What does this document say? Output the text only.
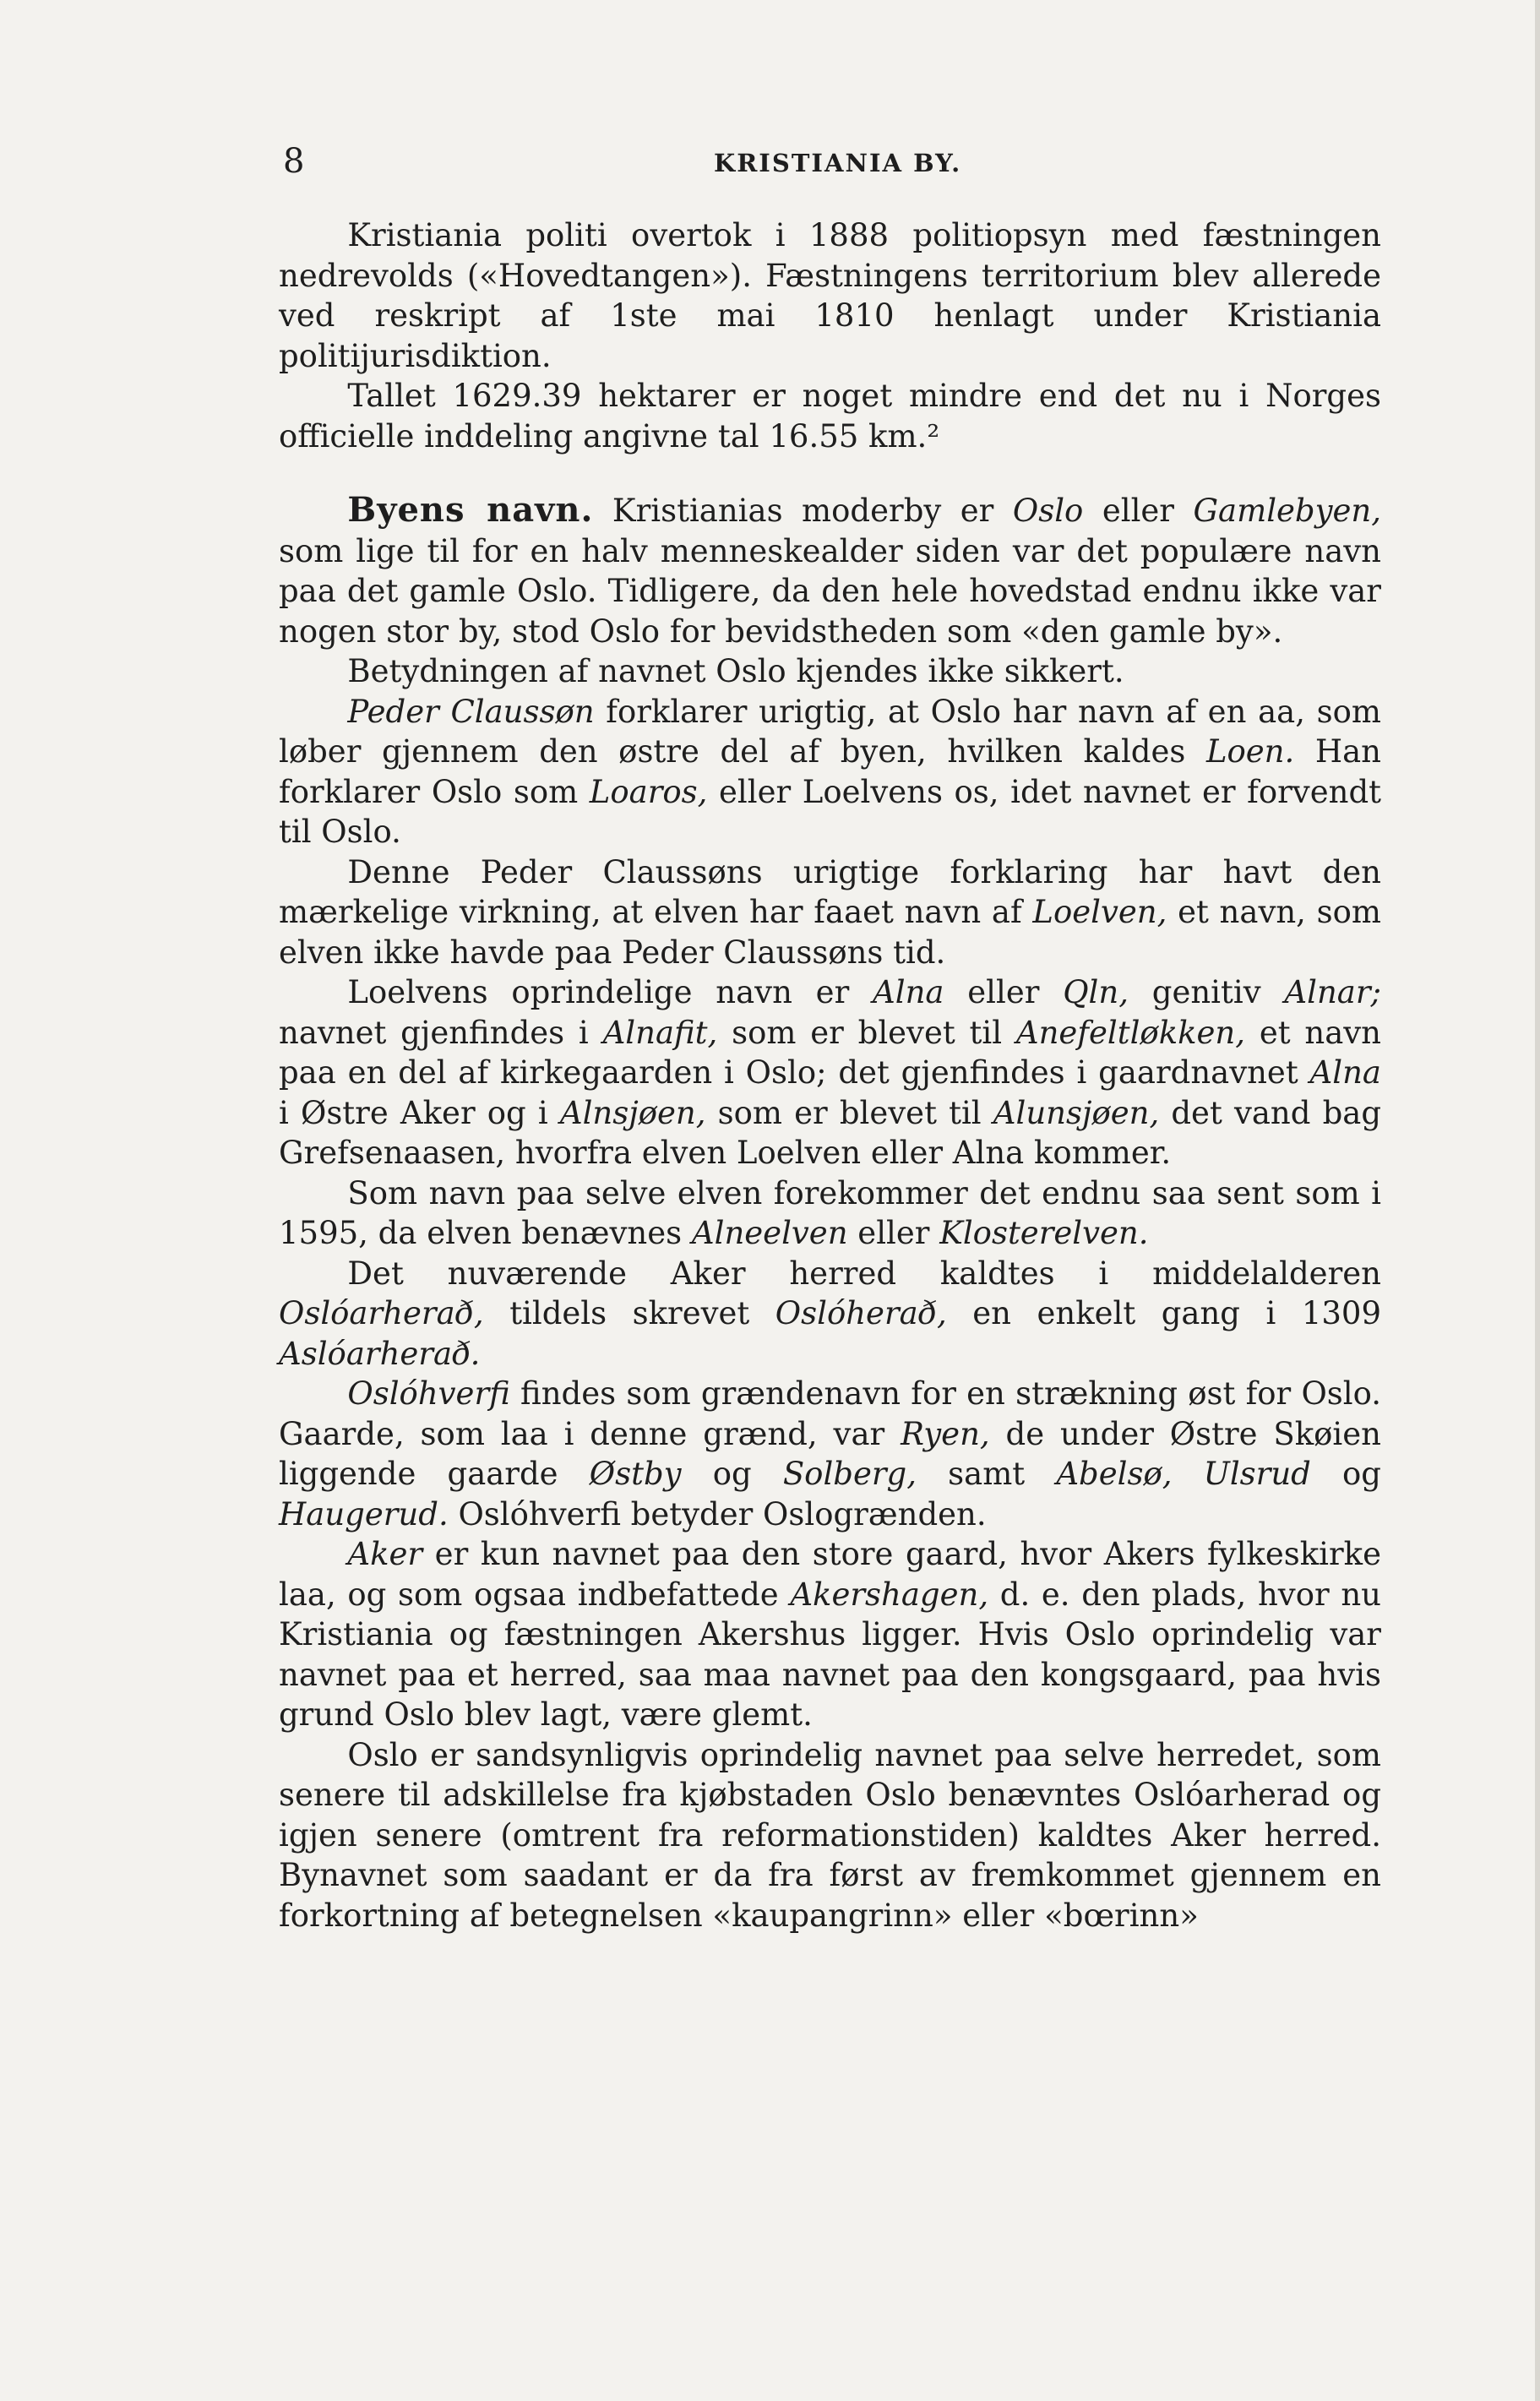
8	KRISTIANIA BY.

Kristiania politi overtok i 1888 politiopsyn med fæstningen nedrevolds («Hovedtangen»). Fæstningens territorium blev allerede ved reskript af 1ste mai 1810 henlagt under Kristiania politijurisdiktion.

Tallet 1629.39 hektarer er noget mindre end det nu i Norges officielle inddeling angivne tal 16.55 km.²

Byens navn. Kristianias moderby er Oslo eller Gamlebyen, som lige til for en halv menneskealder siden var det populære navn paa det gamle Oslo. Tidligere, da den hele hovedstad endnu ikke var nogen stor by, stod Oslo for bevidstheden som «den gamle by».

Betydningen af navnet Oslo kjendes ikke sikkert.

Peder Claussøn forklarer urigtig, at Oslo har navn af en aa, som løber gjennem den østre del af byen, hvilken kaldes Loen. Han forklarer Oslo som Loaros, eller Loelvens os, idet navnet er forvendt til Oslo.

Denne Peder Claussøns urigtige forklaring har havt den mærkelige virkning, at elven har faaet navn af Loelven, et navn, som elven ikke havde paa Peder Claussøns tid.

Loelvens oprindelige navn er Alna eller Qln, genitiv Alnar; navnet gjenfindes i Alnafit, som er blevet til Anefeltløkken, et navn paa en del af kirkegaarden i Oslo; det gjenfindes i gaardnavnet Alna i Østre Aker og i Alnsjøen, som er blevet til Alunsjøen, det vand bag Grefsenaasen, hvorfra elven Loelven eller Alna kommer.

Som navn paa selve elven forekommer det endnu saa sent som i 1595, da elven benævnes Alneelven eller Klosterelven.

Det nuværende Aker herred kaldtes i middelalderen Oslóarherað, tildels skrevet Oslóherað, en enkelt gang i 1309 Aslóarherað.

Oslóhverfi findes som grændenavn for en strækning øst for Oslo. Gaarde, som laa i denne grænd, var Ryen, de under Østre Skøien liggende gaarde Østby og Solberg, samt Abelsø, Ulsrud og Haugerud. Oslóhverfi betyder Oslogrænden.

Aker er kun navnet paa den store gaard, hvor Akers fylkeskirke laa, og som ogsaa indbefattede Akershagen, d. e. den plads, hvor nu Kristiania og fæstningen Akershus ligger. Hvis Oslo oprindelig var navnet paa et herred, saa maa navnet paa den kongsgaard, paa hvis grund Oslo blev lagt, være glemt.

Oslo er sandsynligvis oprindelig navnet paa selve herredet, som senere til adskillelse fra kjøbstaden Oslo benævntes Oslóarherad og igjen senere (omtrent fra reformationstiden) kaldtes Aker herred. Bynavnet som saadant er da fra først av fremkommet gjennem en forkortning af betegnelsen «kaupangrinn» eller «bœrinn»
